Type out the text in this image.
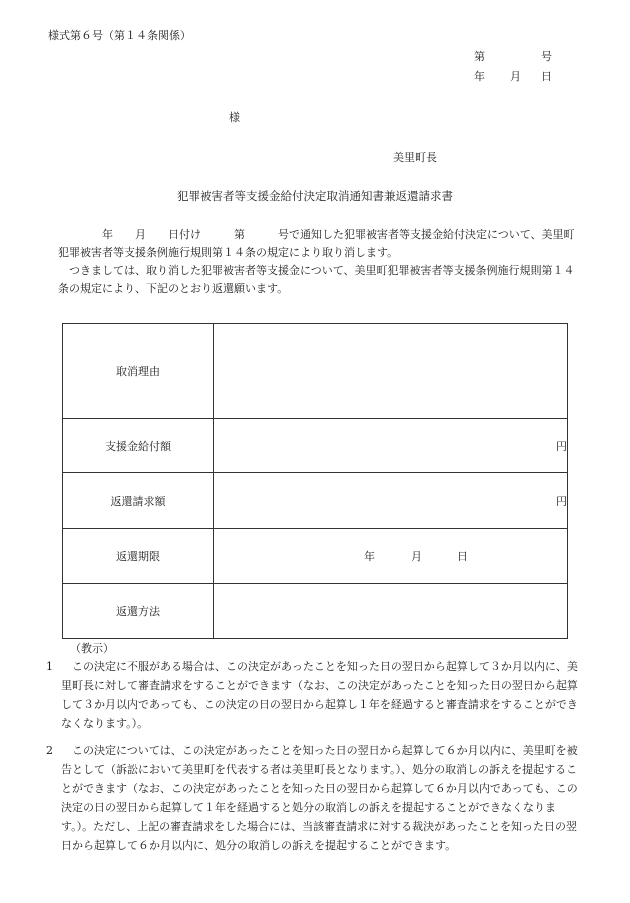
様式第６号（第１４条関係）
第	号
年 月 日
様
美里町長
犯罪被害者等支援金給付決定取消通知書兼返還請求書

　　　　年　　月　　日付け　　　第　　　号で通知した犯罪被害者等支援金給付決定について、美里町犯罪被害者等支援条例施行規則第１４条の規定により取り消します。

つきましては、取り消した犯罪被害者等支援金について、美里町犯罪被害者等支援条例施行規則第１４条の規定により、下記のとおり返還願います。

取消理由	
支援金給付額	円
返還請求額	円
返還期限	年 月 日

返還方法	
（教示）
1	この決定に不服がある場合は、この決定があったことを知った日の翌日から起算して３か月以内に、美里町長に対して審査請求をすることができます（なお、この決定があったことを知った日の翌日から起算して３か月以内であっても、この決定の日の翌日から起算し１年を経過すると審査請求をすることができなくなります。）。
2	この決定については、この決定があったことを知った日の翌日から起算して６か月以内に、美里町を被告として（訴訟において美里町を代表する者は美里町長となります。）、処分の取消しの訴えを提起することができます（なお、この決定があったことを知った日の翌日から起算して６か月以内であっても、この決定の日の翌日から起算して１年を経過すると処分の取消しの訴えを提起することができなくなります。）。ただし、上記の審査請求をした場合には、当該審査請求に対する裁決があったことを知った日の翌日から起算して６か月以内に、処分の取消しの訴えを提起することができます。
